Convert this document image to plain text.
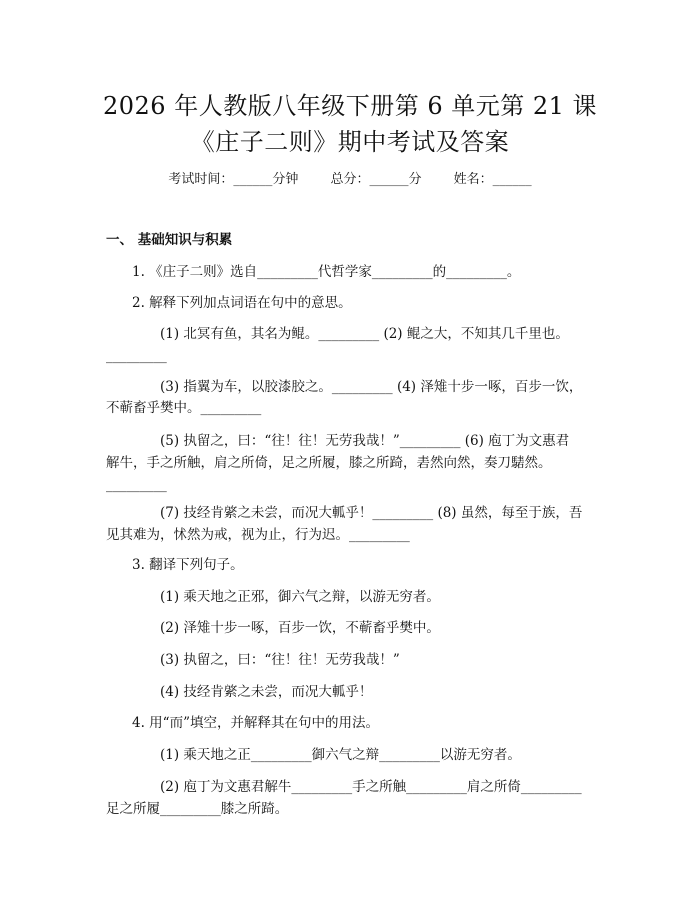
2026 年人教版八年级下册第 6 单元第 21 课
《庄子二则》期中考试及答案
考试时间：______分钟 总分：______分 姓名：______
一、 基础知识与积累
1. 《庄子二则》选自_________代哲学家_________的_________。
2. 解释下列加点词语在句中的意思。
(1) 北冥有鱼，其名为鲲。_________ (2) 鲲之大，不知其几千里也。
_________
(3) 指翼为车，以胶漆胶之。_________ (4) 泽雉十步一啄，百步一饮，
不蕲畜乎樊中。_________
(5) 执留之，曰：“往！往！无劳我哉！”_________ (6) 庖丁为文惠君
解牛，手之所触，肩之所倚，足之所履，膝之所踦，砉然向然，奏刀騞然。
_________
(7) 技经肯綮之未尝，而况大軱乎！_________ (8) 虽然，每至于族，吾
见其难为，怵然为戒，视为止，行为迟。_________
3. 翻译下列句子。
(1) 乘天地之正邪，御六气之辩，以游无穷者。
(2) 泽雉十步一啄，百步一饮，不蕲畜乎樊中。
(3) 执留之，曰：“往！往！无劳我哉！”
(4) 技经肯綮之未尝，而况大軱乎！
4. 用“而”填空，并解释其在句中的用法。
(1) 乘天地之正_________御六气之辩_________以游无穷者。
(2) 庖丁为文惠君解牛_________手之所触_________肩之所倚_________
足之所履_________膝之所踦。
